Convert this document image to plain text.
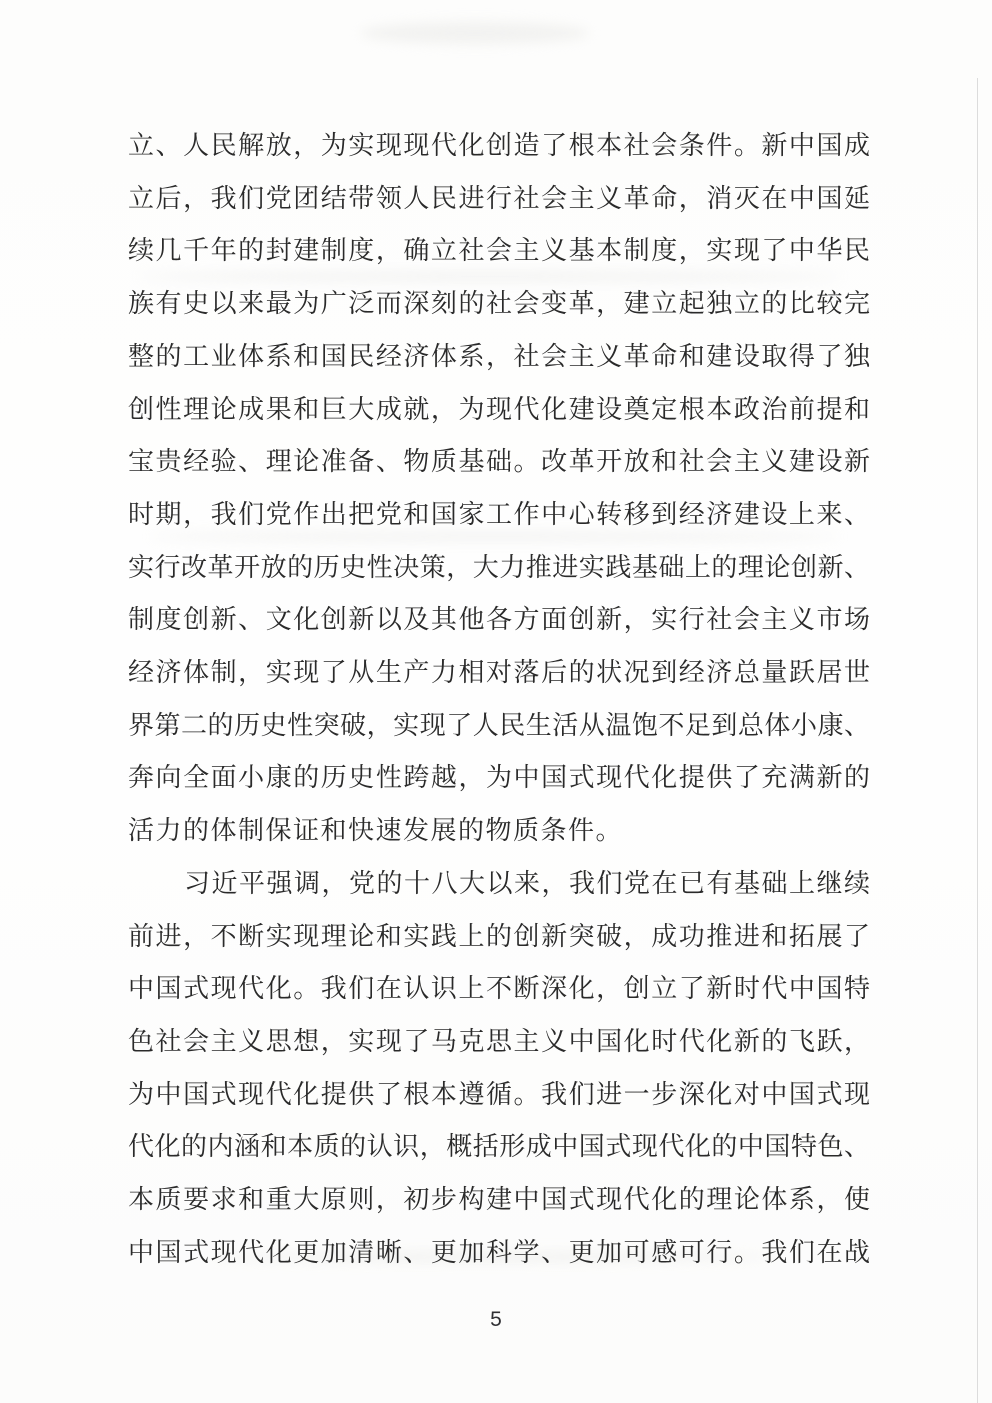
立、人民解放，为实现现代化创造了根本社会条件。新中国成
立后，我们党团结带领人民进行社会主义革命，消灭在中国延
续几千年的封建制度，确立社会主义基本制度，实现了中华民
族有史以来最为广泛而深刻的社会变革，建立起独立的比较完
整的工业体系和国民经济体系，社会主义革命和建设取得了独
创性理论成果和巨大成就，为现代化建设奠定根本政治前提和
宝贵经验、理论准备、物质基础。改革开放和社会主义建设新
时期，我们党作出把党和国家工作中心转移到经济建设上来、
实行改革开放的历史性决策，大力推进实践基础上的理论创新、
制度创新、文化创新以及其他各方面创新，实行社会主义市场
经济体制，实现了从生产力相对落后的状况到经济总量跃居世
界第二的历史性突破，实现了人民生活从温饱不足到总体小康、
奔向全面小康的历史性跨越，为中国式现代化提供了充满新的
活力的体制保证和快速发展的物质条件。
习近平强调，党的十八大以来，我们党在已有基础上继续
前进，不断实现理论和实践上的创新突破，成功推进和拓展了
中国式现代化。我们在认识上不断深化，创立了新时代中国特
色社会主义思想，实现了马克思主义中国化时代化新的飞跃，
为中国式现代化提供了根本遵循。我们进一步深化对中国式现
代化的内涵和本质的认识，概括形成中国式现代化的中国特色、
本质要求和重大原则，初步构建中国式现代化的理论体系，使
中国式现代化更加清晰、更加科学、更加可感可行。我们在战
5
